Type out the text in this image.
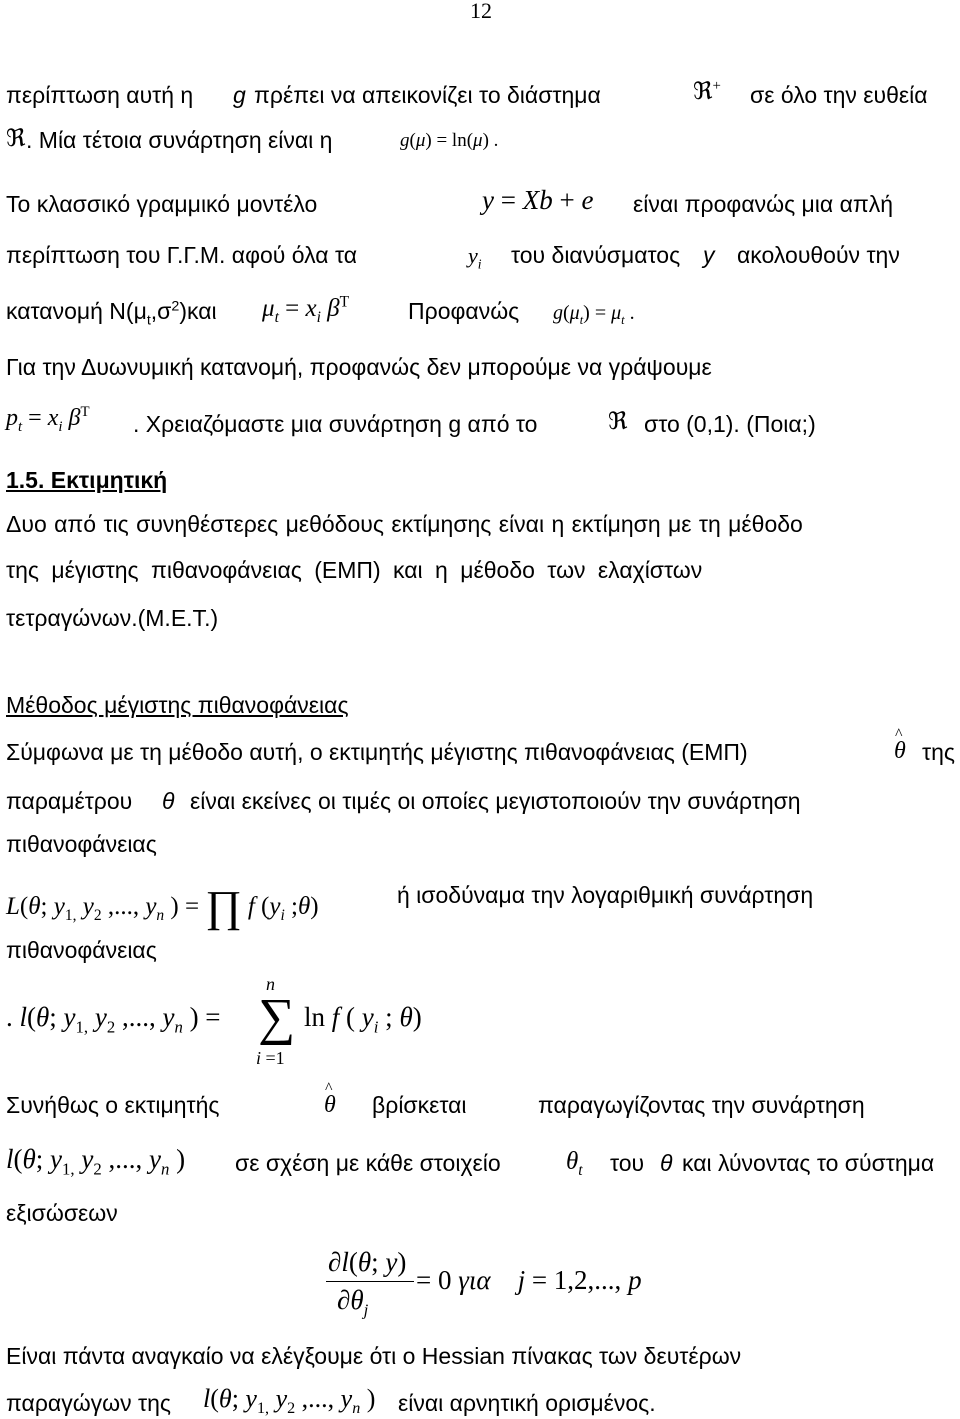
12
περίπτωση αυτή η g πρέπει να απεικονίζει το διάστημα	ℜ+ σε όλο την ευθεία
ℜ . Μία τέτοια συνάρτηση είναι η	g(μ) = ln(μ) .
Το κλασσικό γραμμικό μοντέλο	y = Xb + e είναι προφανώς μια απλή
περίπτωση του Γ.Γ.Μ. αφού όλα τα	$y_i$ του διανύσματος y ακολουθούν την
κατανομή $N(\mu_t,\sigma^2)\kappa\alpha\iota$ $\mu_t = x_i$ $\beta^T$	Προφανώς $g(\mu_t) = \mu_t$ .
Για την Δυωνυμική κατανομή, προφανώς δεν μπορούμε να γράψουμε
$p_t = x_i$ $\beta^T$ . Χρειαζόμαστε μια συνάρτηση g από το	ℜ στο (0,1). (Ποια;)
1.5. Εκτιμητική
Δυο από τις συνηθέστερες μεθόδους εκτίμησης είναι η εκτίμηση με τη μέθοδο
της μέγιστης πιθανοφάνειας (ΕΜΠ) και η μέθοδο των ελαχίστων
τετραγώνων.(Μ.Ε.Τ.)
Μέθοδος μέγιστης πιθανοφάνειας
Σύμφωνα με τη μέθοδο αυτή, ο εκτιμητής μέγιστης πιθανοφάνειας (ΕΜΠ)	θ
^
της
παραμέτρου θ είναι εκείνες οι τιμές οι οποίες μεγιστοποιούν την συνάρτηση
πιθανοφάνειας
L(θ; $y_{1,}$ $y_2$ ,..., $y_n$ ) = ∏ f ($y_i$ ;θ)	ή ισοδύναμα την λογαριθμική συνάρτηση
πιθανοφάνειας
. l(θ; $y_{1,}$ $y_2$ ,..., $y_n$ ) =
n
∑
i =1
ln f ( $y_i$ ; θ)
Συνήθως ο εκτιμητής	θ
^
βρίσκεται	παραγωγίζοντας την συνάρτηση
l(θ; $y_{1,}$ $y_2$ ,..., $y_n$ ) σε σχέση με κάθε στοιχείο	$\theta_t$ του θ και λύνοντας το σύστημα
εξισώσεων
∂l(θ; y)
$\partial\theta_j$
= 0 για j = 1,2,..., p
Είναι πάντα αναγκαίο να ελέγξουμε ότι ο Hessian πίνακας των δευτέρων
παραγώγων της l(θ; $y_{1,}$ $y_2$ ,..., $y_n$ ) είναι αρνητική ορισμένος.
